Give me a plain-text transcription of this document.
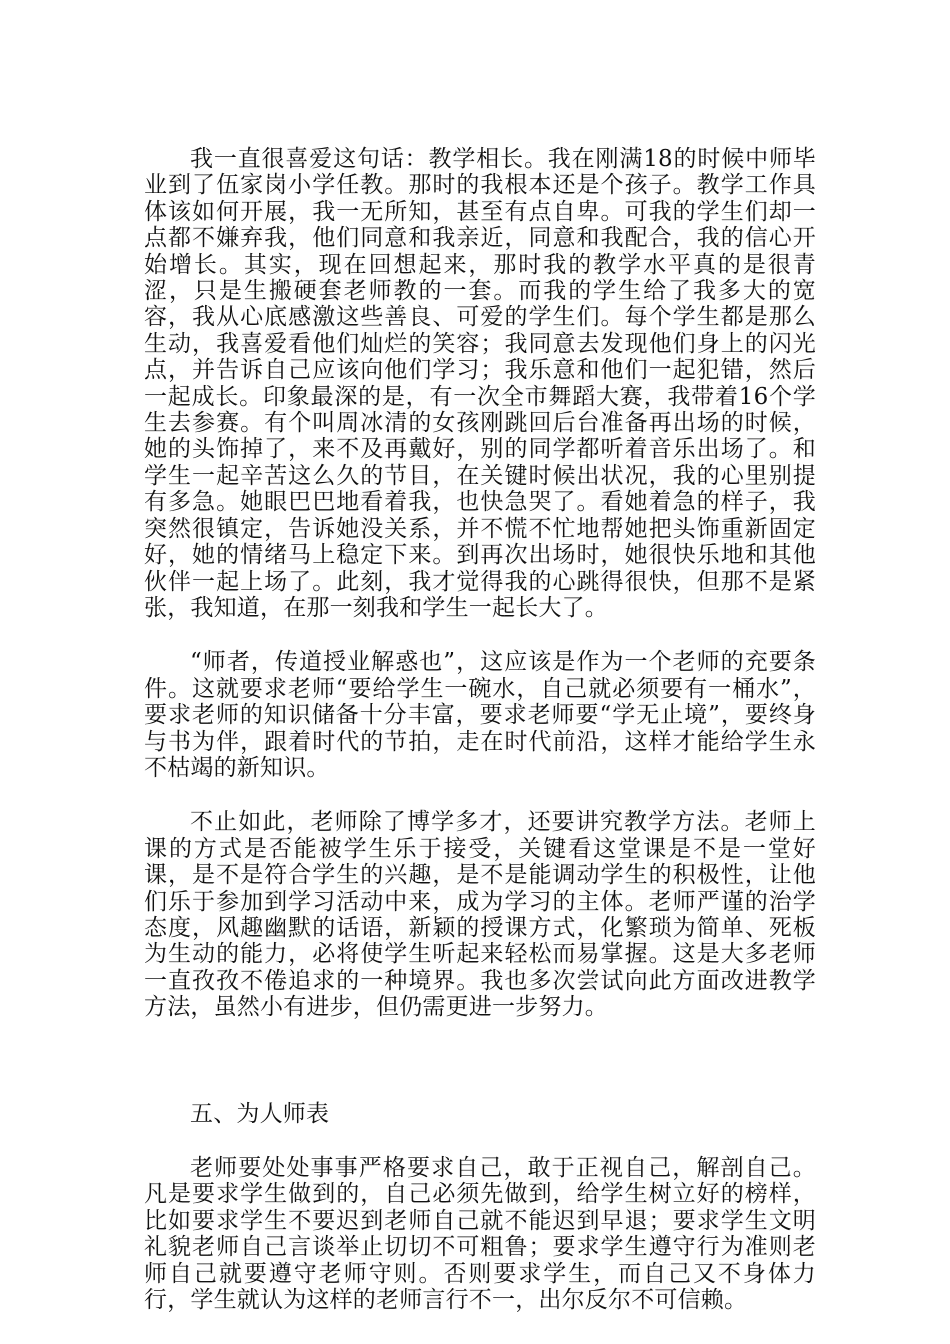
我一直很喜爱这句话：教学相长。我在刚满18的时候中师毕业到了伍家岗小学任教。那时的我根本还是个孩子。教学工作具体该如何开展，我一无所知，甚至有点自卑。可我的学生们却一点都不嫌弃我，他们同意和我亲近，同意和我配合，我的信心开始增长。其实，现在回想起来，那时我的教学水平真的是很青涩，只是生搬硬套老师教的一套。而我的学生给了我多大的宽容，我从心底感激这些善良、可爱的学生们。每个学生都是那么生动，我喜爱看他们灿烂的笑容；我同意去发现他们身上的闪光点，并告诉自己应该向他们学习；我乐意和他们一起犯错，然后一起成长。印象最深的是，有一次全市舞蹈大赛，我带着16个学生去参赛。有个叫周冰清的女孩刚跳回后台准备再出场的时候，她的头饰掉了，来不及再戴好，别的同学都听着音乐出场了。和学生一起辛苦这么久的节目，在关键时候出状况，我的心里别提有多急。她眼巴巴地看着我，也快急哭了。看她着急的样子，我突然很镇定，告诉她没关系，并不慌不忙地帮她把头饰重新固定好，她的情绪马上稳定下来。到再次出场时，她很快乐地和其他伙伴一起上场了。此刻，我才觉得我的心跳得很快，但那不是紧张，我知道，在那一刻我和学生一起长大了。

“师者，传道授业解惑也”，这应该是作为一个老师的充要条件。这就要求老师“要给学生一碗水，自己就必须要有一桶水”，要求老师的知识储备十分丰富，要求老师要“学无止境”，要终身与书为伴，跟着时代的节拍，走在时代前沿，这样才能给学生永不枯竭的新知识。

不止如此，老师除了博学多才，还要讲究教学方法。老师上课的方式是否能被学生乐于接受，关键看这堂课是不是一堂好课，是不是符合学生的兴趣，是不是能调动学生的积极性，让他们乐于参加到学习活动中来，成为学习的主体。老师严谨的治学态度，风趣幽默的话语，新颖的授课方式，化繁琐为简单、死板为生动的能力，必将使学生听起来轻松而易掌握。这是大多老师一直孜孜不倦追求的一种境界。我也多次尝试向此方面改进教学方法，虽然小有进步，但仍需更进一步努力。

五、为人师表

老师要处处事事严格要求自己，敢于正视自己，解剖自己。凡是要求学生做到的，自己必须先做到，给学生树立好的榜样，比如要求学生不要迟到老师自己就不能迟到早退；要求学生文明礼貌老师自己言谈举止切切不可粗鲁；要求学生遵守行为准则老师自己就要遵守老师守则。否则要求学生，而自己又不身体力行，学生就认为这样的老师言行不一，出尔反尔不可信赖。
